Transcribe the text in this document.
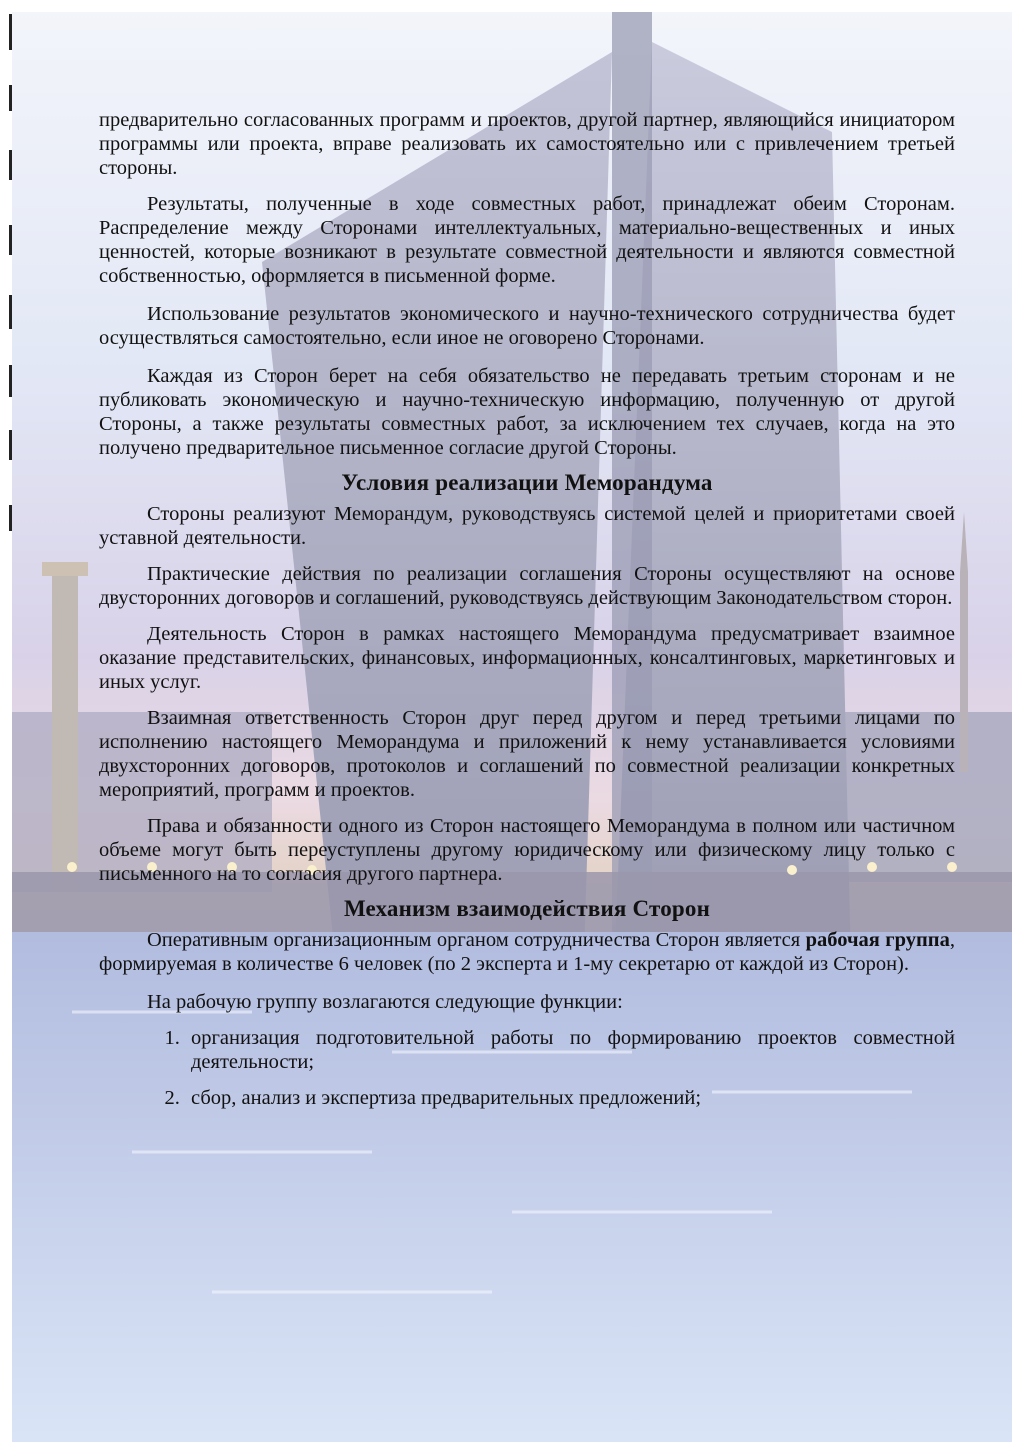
предварительно согласованных программ и проектов, другой партнер, являющийся инициатором программы или проекта, вправе реализовать их самостоятельно или с привлечением третьей стороны.

Результаты, полученные в ходе совместных работ, принадлежат обеим Сторонам. Распределение между Сторонами интеллектуальных, материально-вещественных и иных ценностей, которые возникают в результате совместной деятельности и являются совместной собственностью, оформляется в письменной форме.

Использование результатов экономического и научно-технического сотрудничества будет осуществляться самостоятельно, если иное не оговорено Сторонами.

Каждая из Сторон берет на себя обязательство не передавать третьим сторонам и не публиковать экономическую и научно-техническую информацию, полученную от другой Стороны, а также результаты совместных работ, за исключением тех случаев, когда на это получено предварительное письменное согласие другой Стороны.

Условия реализации Меморандума

Стороны реализуют Меморандум, руководствуясь системой целей и приоритетами своей уставной деятельности.

Практические действия по реализации соглашения Стороны осуществляют на основе двусторонних договоров и соглашений, руководствуясь действующим Законодательством сторон.

Деятельность Сторон в рамках настоящего Меморандума предусматривает взаимное оказание представительских, финансовых, информационных, консалтинговых, маркетинговых и иных услуг.

Взаимная ответственность Сторон друг перед другом и перед третьими лицами по исполнению настоящего Меморандума и приложений к нему устанавливается условиями двухсторонних договоров, протоколов и соглашений по совместной реализации конкретных мероприятий, программ и проектов.

Права и обязанности одного из Сторон настоящего Меморандума в полном или частичном объеме могут быть переуступлены другому юридическому или физическому лицу только с письменного на то согласия другого партнера.

Механизм взаимодействия Сторон

Оперативным организационным органом сотрудничества Сторон является рабочая группа, формируемая в количестве 6 человек (по 2 эксперта и 1-му секретарю от каждой из Сторон).

На рабочую группу возлагаются следующие функции:

1. организация подготовительной работы по формированию проектов совместной деятельности;
2. сбор, анализ и экспертиза предварительных предложений;
